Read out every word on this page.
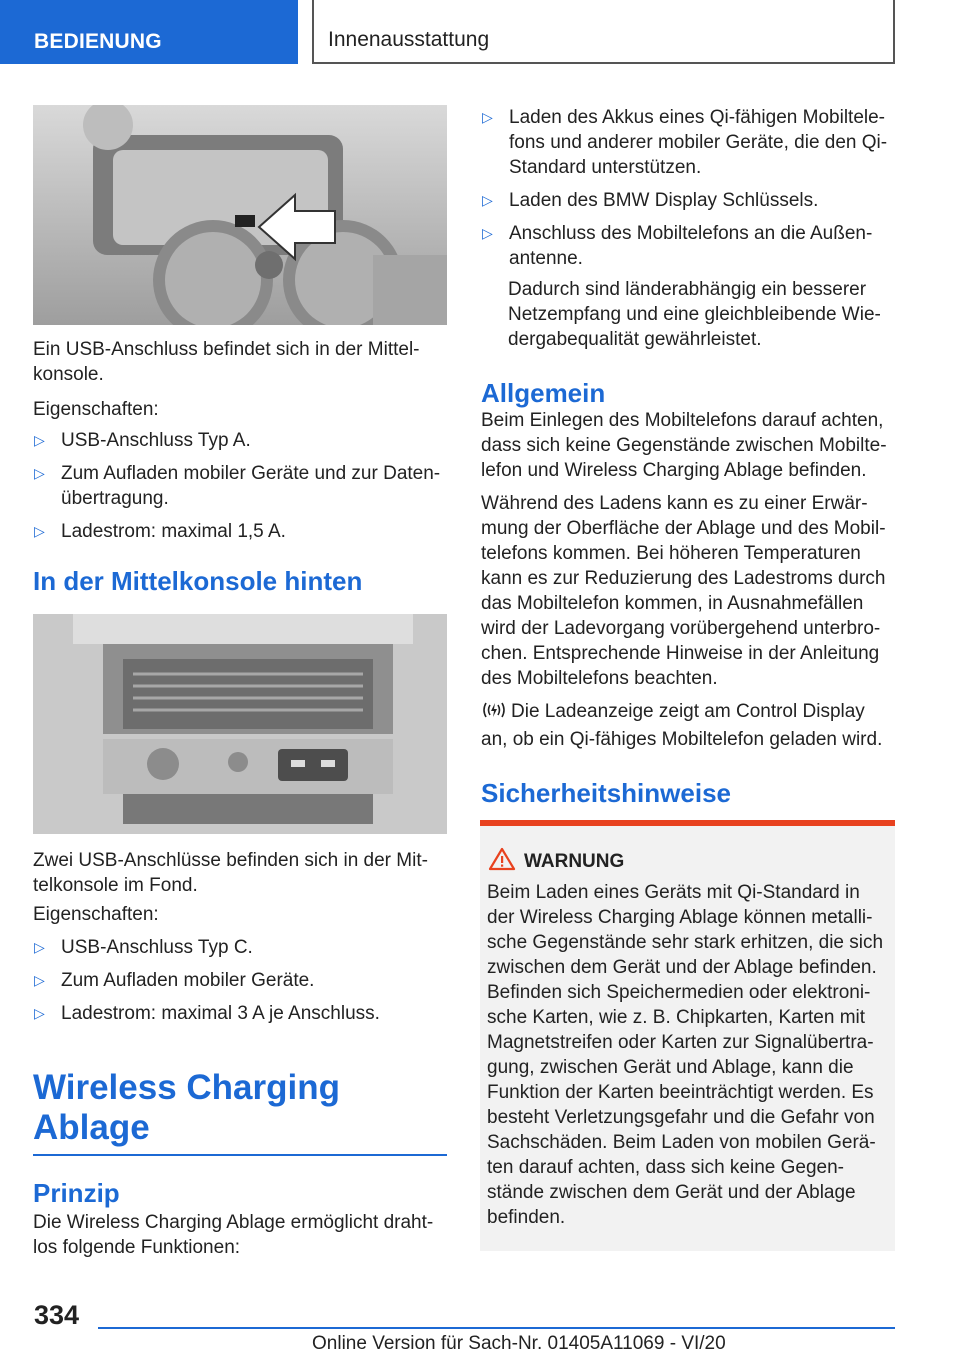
BEDIENUNG	Innenausstattung

Ein USB-Anschluss befindet sich in der Mittel-konsole.

Eigenschaften:

▷ USB-Anschluss Typ A.
▷ Zum Aufladen mobiler Geräte und zur Daten-übertragung.
▷ Ladestrom: maximal 1,5 A.
In der Mittelkonsole hinten

Zwei USB-Anschlüsse befinden sich in der Mit-telkonsole im Fond.

Eigenschaften:

▷ USB-Anschluss Typ C.
▷ Zum Aufladen mobiler Geräte.
▷ Ladestrom: maximal 3 A je Anschluss.
Wireless Charging Ablage
Prinzip

Die Wireless Charging Ablage ermöglicht draht-los folgende Funktionen:

▷ Laden des Akkus eines Qi-fähigen Mobiltele-fons und anderer mobiler Geräte, die den Qi-Standard unterstützen.
▷ Laden des BMW Display Schlüssels.
▷ Anschluss des Mobiltelefons an die Außen-antenne.

Dadurch sind länderabhängig ein besserer Netzempfang und eine gleichbleibende Wie-dergabequalität gewährleistet.

Allgemein

Beim Einlegen des Mobiltelefons darauf achten, dass sich keine Gegenstände zwischen Mobilte-lefon und Wireless Charging Ablage befinden.

Während des Ladens kann es zu einer Erwär-mung der Oberfläche der Ablage und des Mobil-telefons kommen. Bei höheren Temperaturen kann es zur Reduzierung des Ladestroms durch das Mobiltelefon kommen, in Ausnahmefällen wird der Ladevorgang vorübergehend unterbro-chen. Entsprechende Hinweise in der Anleitung des Mobiltelefons beachten.

Die Ladeanzeige zeigt am Control Display an, ob ein Qi-fähiges Mobiltelefon geladen wird.

Sicherheitshinweise
WARNUNG
Beim Laden eines Geräts mit Qi-Standard in der Wireless Charging Ablage können metalli-sche Gegenstände sehr stark erhitzen, die sich zwischen dem Gerät und der Ablage befinden. Befinden sich Speichermedien oder elektroni-sche Karten, wie z. B. Chipkarten, Karten mit Magnetstreifen oder Karten zur Signalübertra-gung, zwischen Gerät und Ablage, kann die Funktion der Karten beeinträchtigt werden. Es besteht Verletzungsgefahr und die Gefahr von Sachschäden. Beim Laden von mobilen Gerä-ten darauf achten, dass sich keine Gegen-stände zwischen dem Gerät und der Ablage befinden.
334
Online Version für Sach-Nr. 01405A11069 - VI/20
